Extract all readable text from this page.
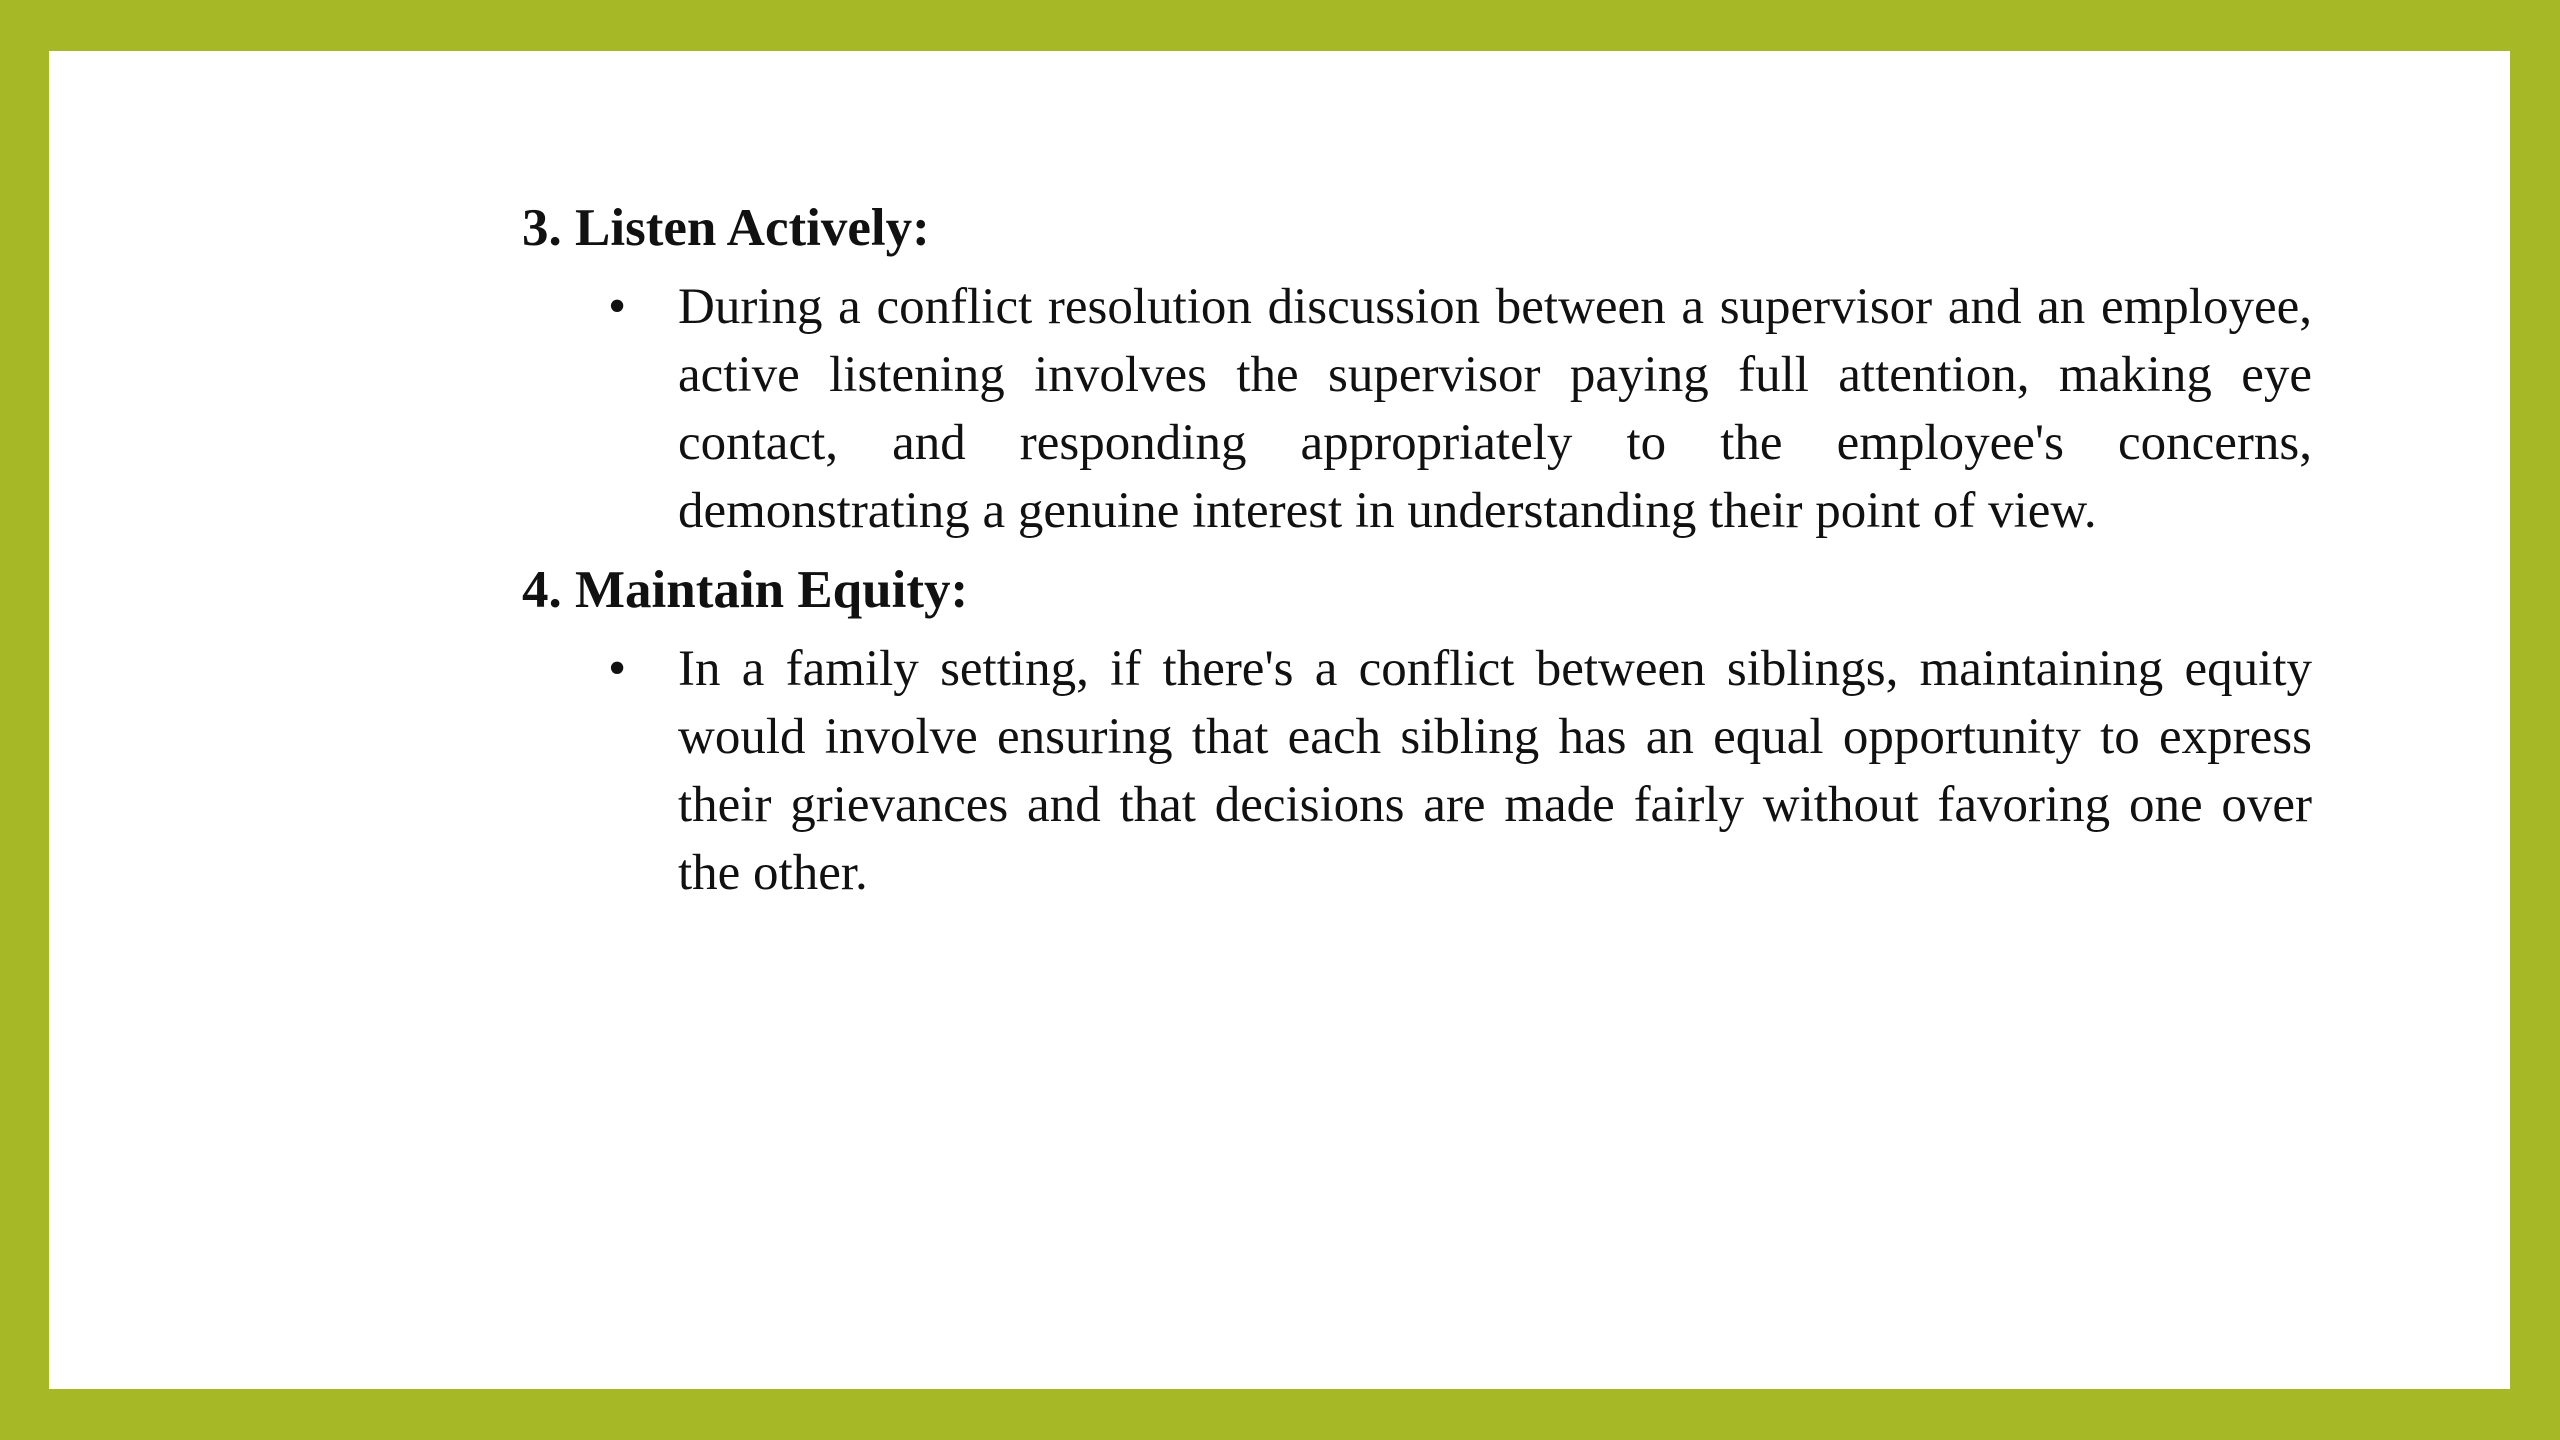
3. Listen Actively:
• During a conflict resolution discussion between a supervisor and an employee, active listening involves the supervisor paying full attention, making eye contact, and responding appropriately to the employee's concerns, demonstrating a genuine interest in understanding their point of view.

4. Maintain Equity:
• In a family setting, if there's a conflict between siblings, maintaining equity would involve ensuring that each sibling has an equal opportunity to express their grievances and that decisions are made fairly without favoring one over the other.
